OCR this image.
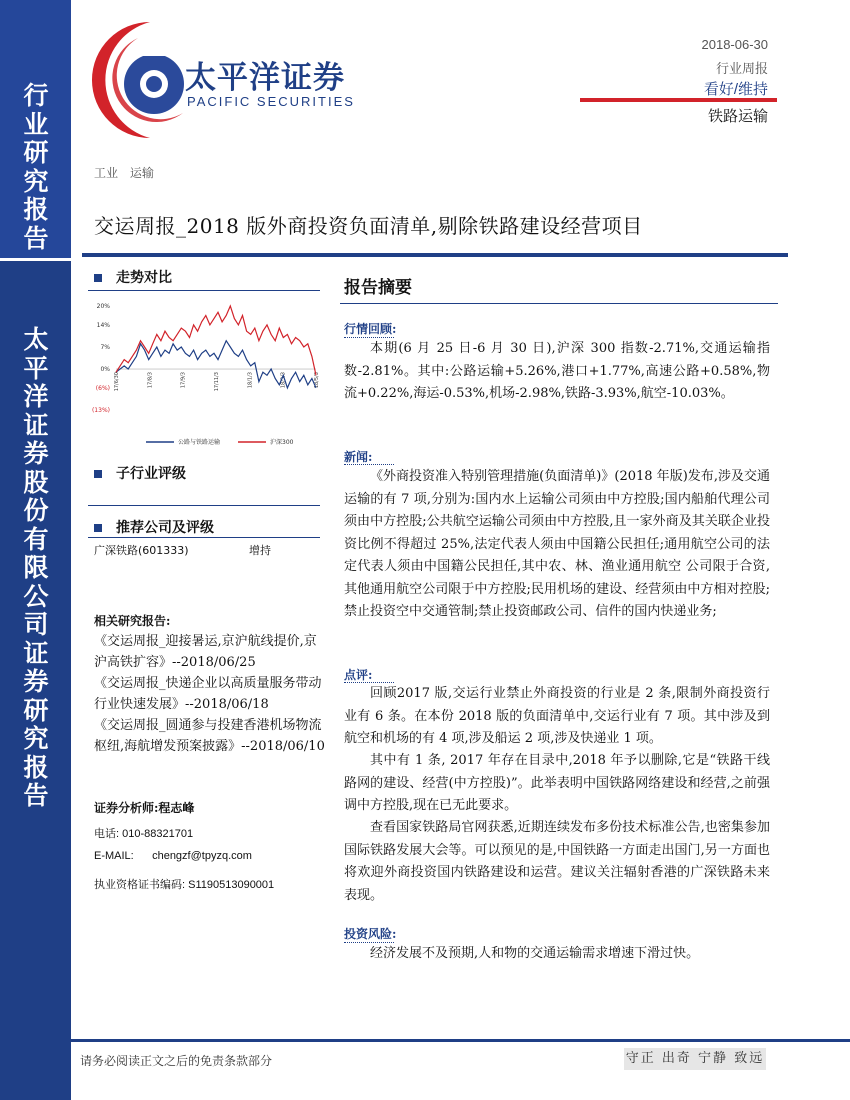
行业研究报告
太平洋证券股份有限公司证券研究报告
太平洋证券
PACIFIC SECURITIES
2018-06-30
行业周报
看好/维持
铁路运输
工业 运输
交运周报_2018 版外商投资负面清单,剔除铁路建设经营项目
走势对比
20%
14%
7%
0%
(6%)
(13%)
17/6/30	17/8/3	17/9/3	17/11/3	18/1/3	18/3/3	18/5/3
公路与铁路运输	沪深300
子行业评级
推荐公司及评级
广深铁路(601333)	增持
相关研究报告:
《交运周报_迎接暑运,京沪航线提价,京沪高铁扩容》--2018/06/25
《交运周报_快递企业以高质量服务带动行业快速发展》--2018/06/18
《交运周报_圆通参与投建香港机场物流枢纽,海航增发预案披露》--2018/06/10
证券分析师:程志峰
电话: 010-88321701
E-MAIL: chengzf@tpyzq.com
执业资格证书编码: S1190513090001
报告摘要
行情回顾:
本期(6 月 25 日-6 月 30 日),沪深 300 指数-2.71%,交通运输指数-2.81%。其中:公路运输+5.26%,港口+1.77%,高速公路+0.58%,物流+0.22%,海运-0.53%,机场-2.98%,铁路-3.93%,航空-10.03%。
新闻:
《外商投资准入特别管理措施(负面清单)》(2018 年版)发布,涉及交通运输的有 7 项,分别为:国内水上运输公司须由中方控股;国内船舶代理公司须由中方控股;公共航空运输公司须由中方控股,且一家外商及其关联企业投资比例不得超过 25%,法定代表人须由中国籍公民担任;通用航空公司的法定代表人须由中国籍公民担任,其中农、林、渔业通用航空 公司限于合资,其他通用航空公司限于中方控股;民用机场的建设、经营须由中方相对控股;禁止投资空中交通管制;禁止投资邮政公司、信件的国内快递业务;
点评:
回顾2017 版,交运行业禁止外商投资的行业是 2 条,限制外商投资行业有 6 条。在本份 2018 版的负面清单中,交运行业有 7 项。其中涉及到航空和机场的有 4 项,涉及船运 2 项,涉及快递业 1 项。
其中有 1 条, 2017 年存在目录中,2018 年予以删除,它是“铁路干线路网的建设、经营(中方控股)”。此举表明中国铁路网络建设和经营,之前强调中方控股,现在已无此要求。
查看国家铁路局官网获悉,近期连续发布多份技术标准公告,也密集参加国际铁路发展大会等。可以预见的是,中国铁路一方面走出国门,另一方面也将欢迎外商投资国内铁路建设和运营。建议关注辐射香港的广深铁路未来表现。
投资风险:
经济发展不及预期,人和物的交通运输需求增速下滑过快。
请务必阅读正文之后的免责条款部分	守正 出奇 宁静 致远
